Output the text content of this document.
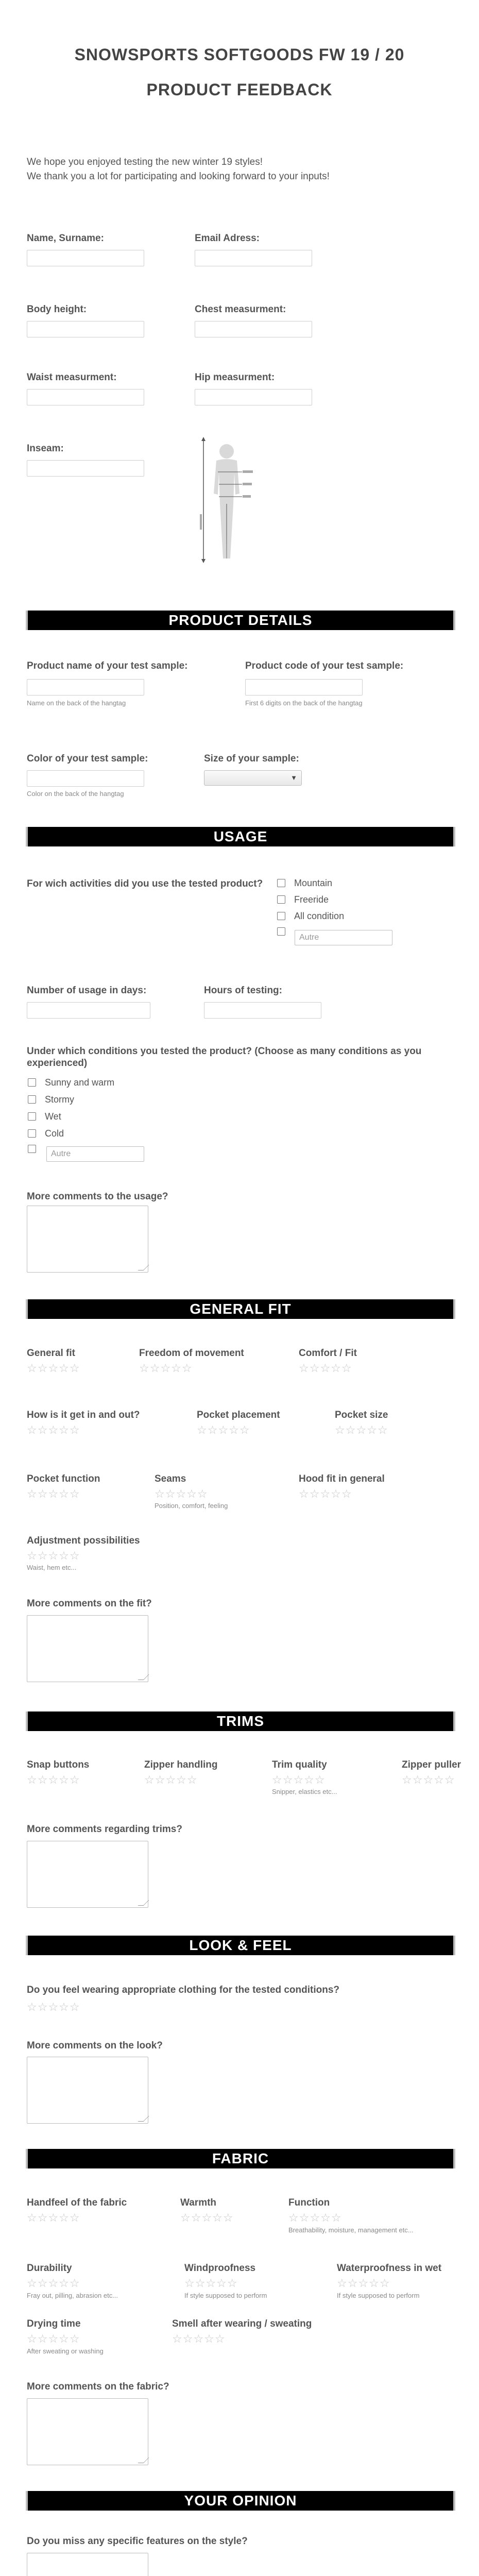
SNOWSPORTS SOFTGOODS FW 19 / 20
PRODUCT FEEDBACK
We hope you enjoyed testing the new winter 19 styles!
We thank you a lot for participating and looking forward to your inputs!
Name, Surname:	Email Adress:
Body height:	Chest measurment:
Waist measurment:	Hip measurment:
Inseam:
PRODUCT DETAILS
Product name of your test sample:
Name on the back of the hangtag
Product code of your test sample:
First 6 digits on the back of the hangtag
Color of your test sample:
Color on the back of the hangtag
Size of your sample:
▼
USAGE
For wich activities did you use the tested product?	Mountain
Freeride
All condition
Autre
Number of usage in days:	Hours of testing:
Under which conditions you tested the product? (Choose as many conditions as you
experienced)
Sunny and warm
Stormy
Wet
Cold
Autre
More comments to the usage?
GENERAL FIT
General fit
☆☆☆☆☆
Freedom of movement
☆☆☆☆☆
Comfort / Fit
☆☆☆☆☆
How is it get in and out?
☆☆☆☆☆
Pocket placement
☆☆☆☆☆
Pocket size
☆☆☆☆☆
Pocket function
☆☆☆☆☆
Seams
☆☆☆☆☆
Position, comfort, feeling
Hood fit in general
☆☆☆☆☆
Adjustment possibilities
☆☆☆☆☆
Waist, hem etc...
More comments on the fit?
TRIMS
Snap buttons
☆☆☆☆☆
Zipper handling
☆☆☆☆☆
Trim quality
☆☆☆☆☆
Snipper, elastics etc...
Zipper puller
☆☆☆☆☆
More comments regarding trims?
LOOK & FEEL
Do you feel wearing appropriate clothing for the tested conditions?
☆☆☆☆☆
More comments on the look?
FABRIC
Handfeel of the fabric
☆☆☆☆☆
Warmth
☆☆☆☆☆
Function
☆☆☆☆☆
Breathability, moisture, management etc...
Durability
☆☆☆☆☆
Fray out, pilling, abrasion etc...
Windproofness
☆☆☆☆☆
If style supposed to perform
Waterproofness in wet
☆☆☆☆☆
If style supposed to perform
Drying time
☆☆☆☆☆
After sweating or washing
Smell after wearing / sweating
☆☆☆☆☆
More comments on the fabric?
YOUR OPINION
Do you miss any specific features on the style?
